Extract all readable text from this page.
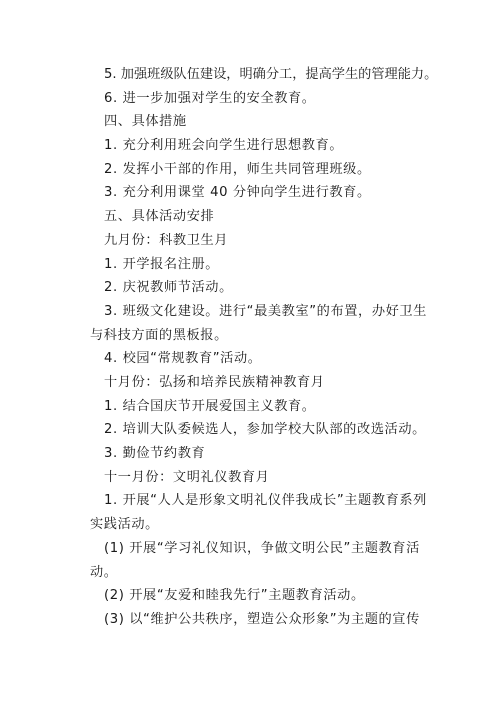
5. 加强班级队伍建设，明确分工，提高学生的管理能力。
6. 进一步加强对学生的安全教育。
四、具体措施
1. 充分利用班会向学生进行思想教育。
2. 发挥小干部的作用，师生共同管理班级。
3. 充分利用课堂 40 分钟向学生进行教育。
五、具体活动安排
九月份：科教卫生月
1. 开学报名注册。
2. 庆祝教师节活动。
3. 班级文化建设。进行“最美教室”的布置，办好卫生
与科技方面的黑板报。
4. 校园“常规教育”活动。
十月份：弘扬和培养民族精神教育月
1. 结合国庆节开展爱国主义教育。
2. 培训大队委候选人，参加学校大队部的改选活动。
3. 勤俭节约教育
十一月份：文明礼仪教育月
1. 开展“人人是形象文明礼仪伴我成长”主题教育系列
实践活动。
(1) 开展“学习礼仪知识，争做文明公民”主题教育活
动。
(2) 开展“友爱和睦我先行”主题教育活动。
(3) 以“维护公共秩序，塑造公众形象”为主题的宣传
